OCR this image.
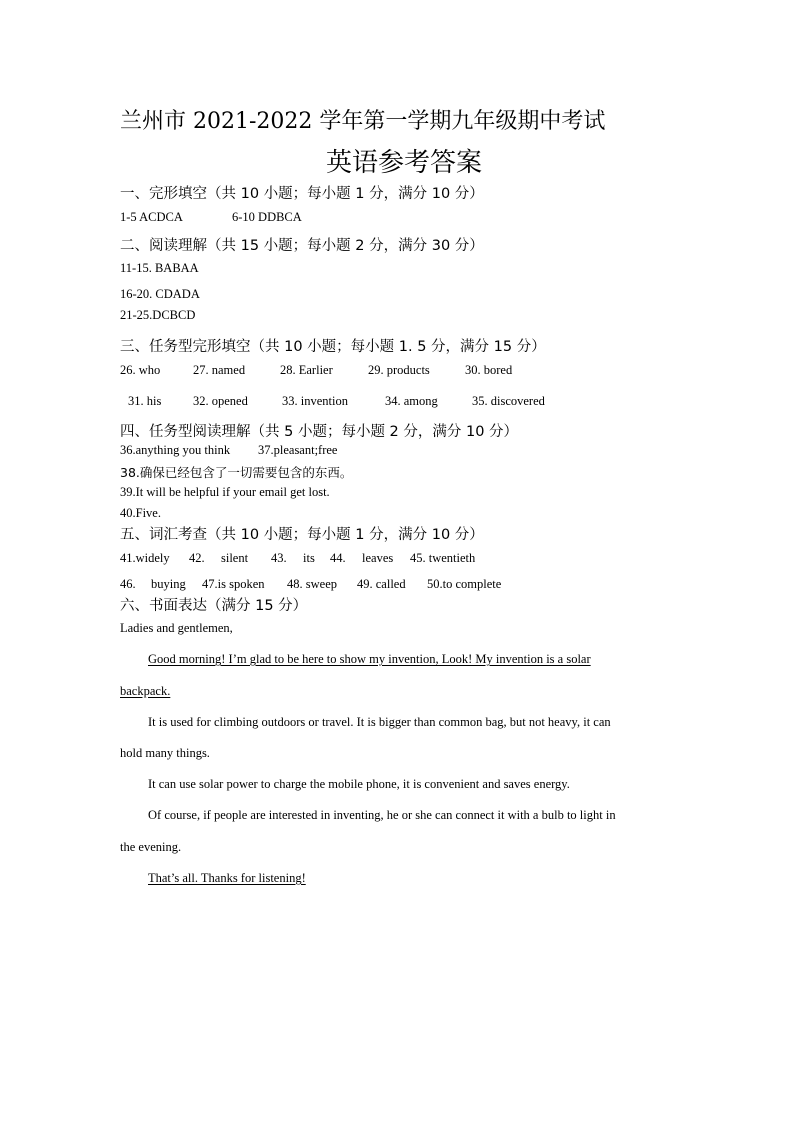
兰州市 2021-2022 学年第一学期九年级期中考试
英语参考答案
一、完形填空（共 10 小题；每小题 1 分，满分 10 分）
1-5 ACDCA	6-10 DDBCA
二、阅读理解（共 15 小题；每小题 2 分，满分 30 分）
11-15. BABAA
16-20. CDADA
21-25.DCBCD
三、任务型完形填空（共 10 小题；每小题 1. 5 分，满分 15 分）
26. who	27. named	28. Earlier	29. products	30. bored
31. his	32. opened	33. invention	34. among	35. discovered
四、任务型阅读理解（共 5 小题；每小题 2 分，满分 10 分）
36.anything you think 37.pleasant;free
38.确保已经包含了一切需要包含的东西。
39.It will be helpful if your email get lost.
40.Five.
五、词汇考查（共 10 小题；每小题 1 分，满分 10 分）
41.widely 42. silent 43. its 44. leaves 45. twentieth
46. buying 47.is spoken 48. sweep 49. called 50.to complete
六、书面表达（满分 15 分）
Ladies and gentlemen,
Good morning! I’m glad to be here to show my invention, Look! My invention is a solar
backpack.
It is used for climbing outdoors or travel. It is bigger than common bag, but not heavy, it can
hold many things.
It can use solar power to charge the mobile phone, it is convenient and saves energy.
Of course, if people are interested in inventing, he or she can connect it with a bulb to light in
the evening.
That’s all. Thanks for listening!
